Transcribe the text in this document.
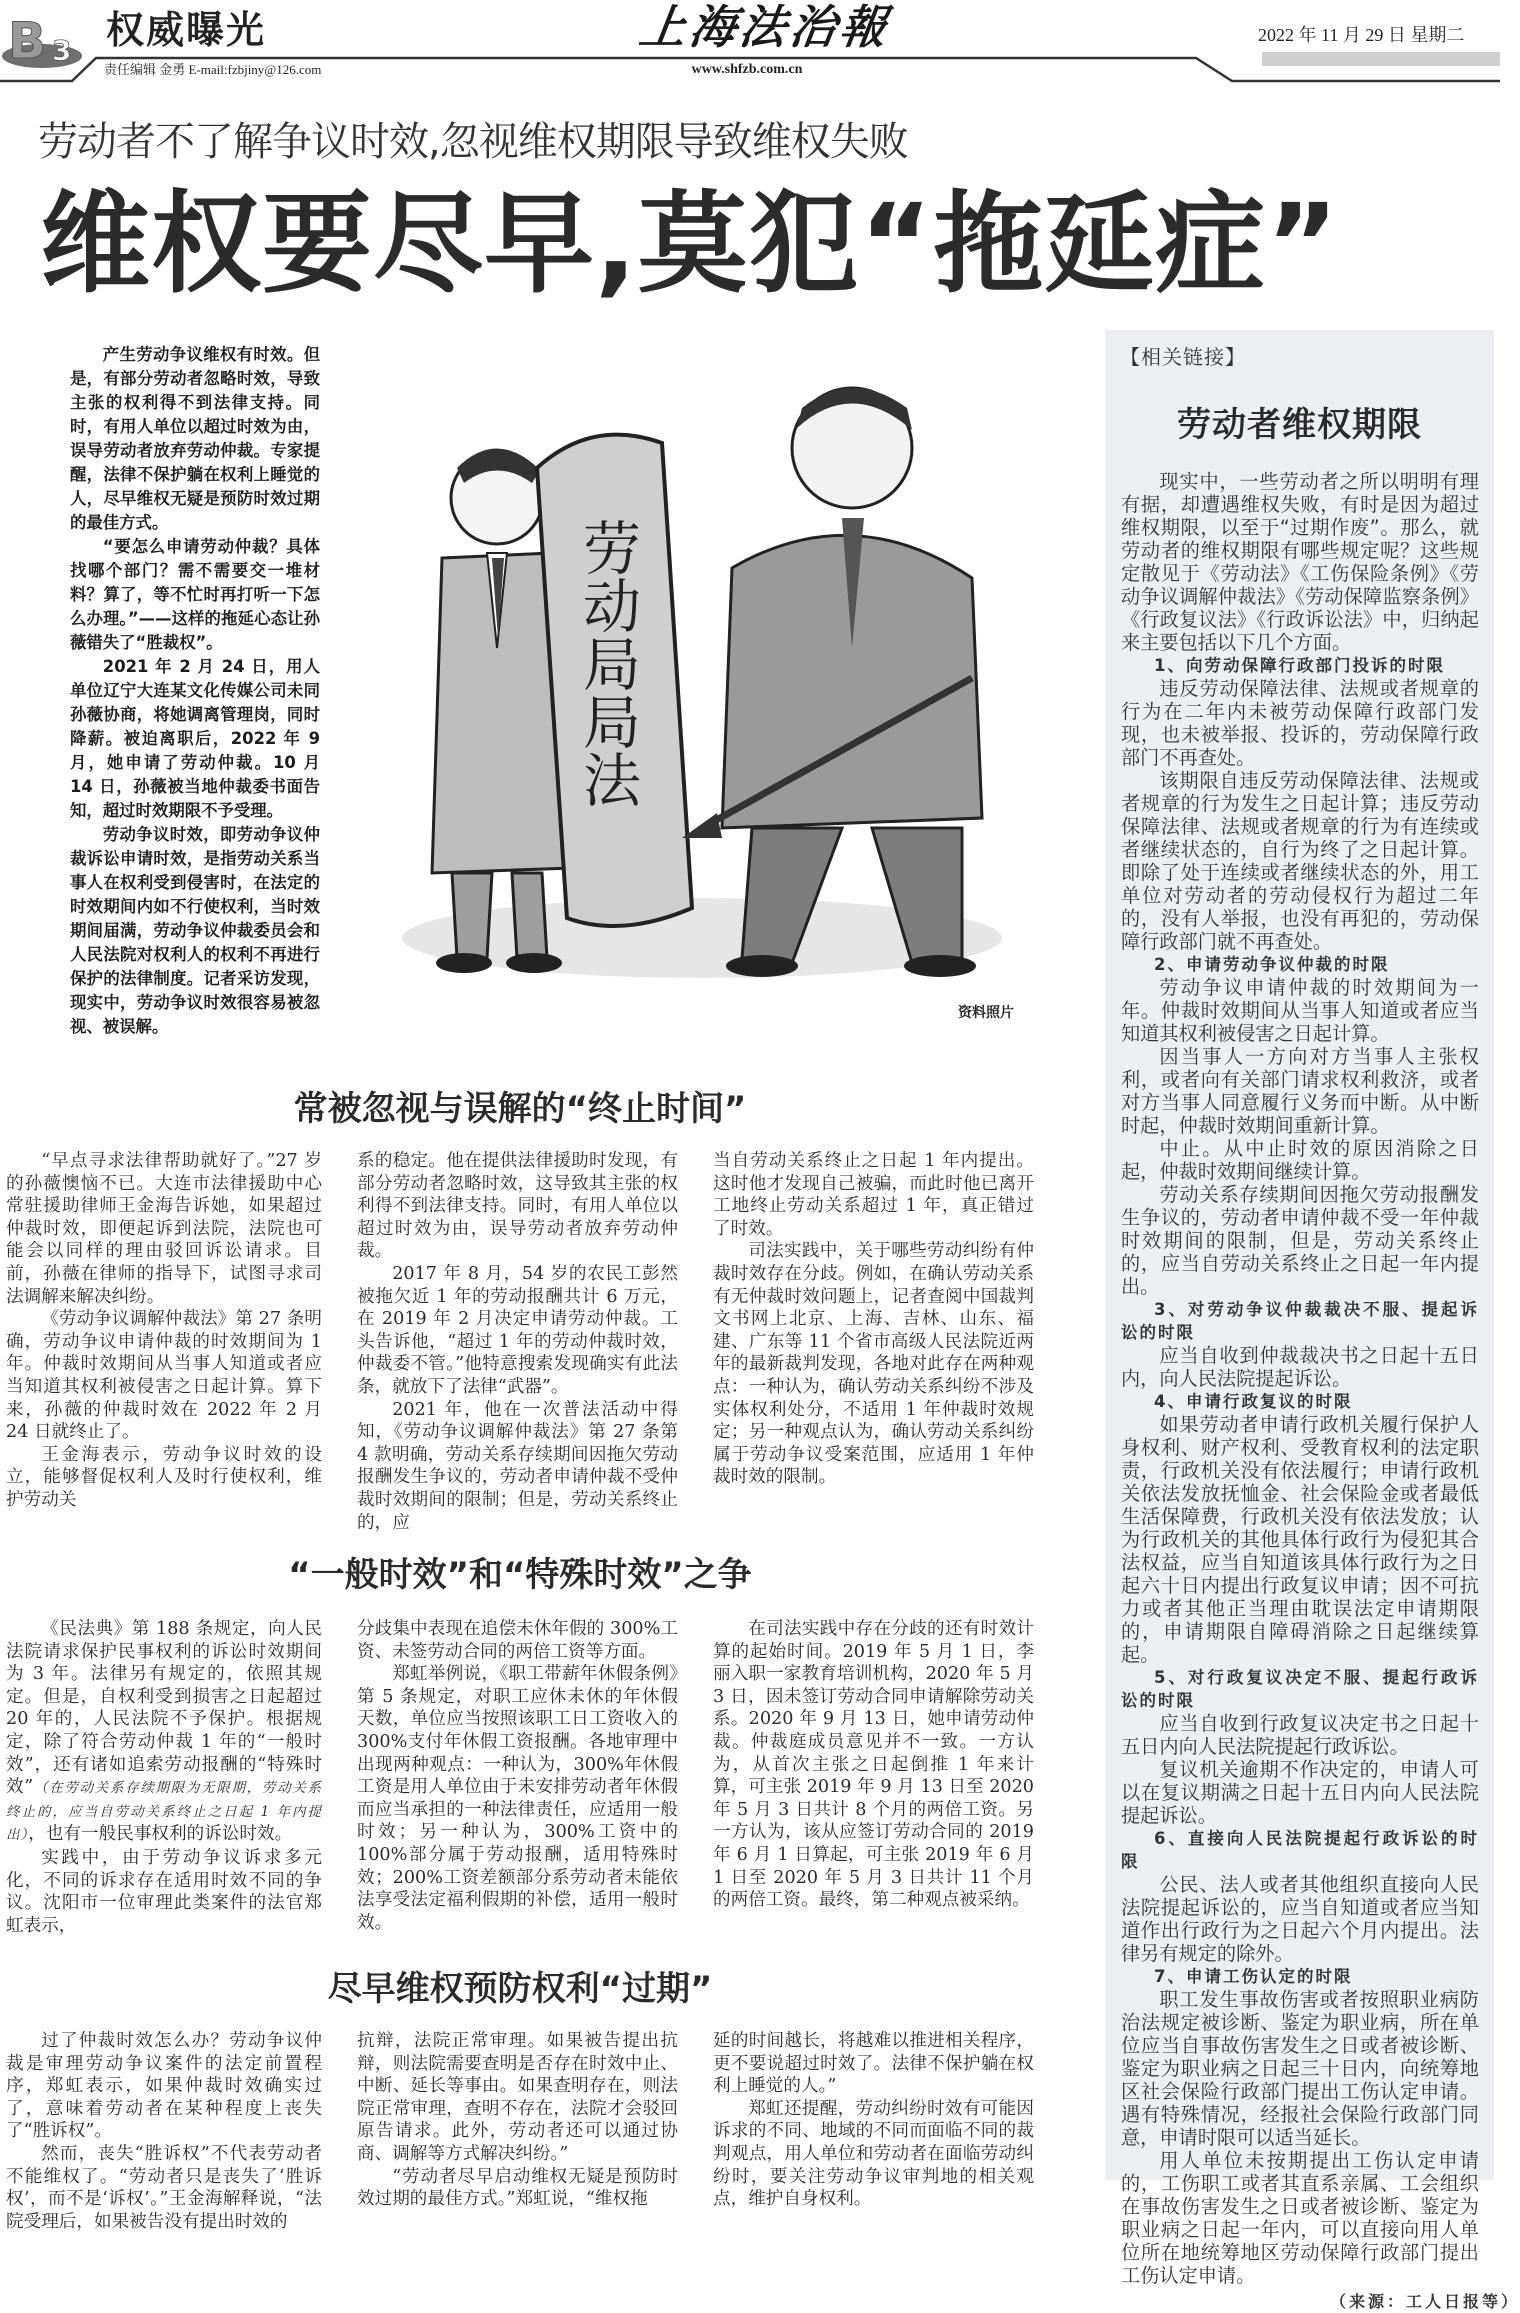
B 3 权威曝光	上海法治報	2022 年 11 月 29 日 星期二
责任编辑 金勇 E-mail:fzbjiny@126.com	www.shfzb.com.cn
劳动者不了解争议时效,忽视维权期限导致维权失败
维权要尽早,莫犯“拖延症”

产生劳动争议维权有时效。但是，有部分劳动者忽略时效，导致主张的权利得不到法律支持。同时，有用人单位以超过时效为由，误导劳动者放弃劳动仲裁。专家提醒，法律不保护躺在权利上睡觉的人，尽早维权无疑是预防时效过期的最佳方式。

“要怎么申请劳动仲裁？具体找哪个部门？需不需要交一堆材料？算了，等不忙时再打听一下怎么办理。”——这样的拖延心态让孙薇错失了“胜裁权”。

2021 年 2 月 24 日，用人单位辽宁大连某文化传媒公司未同孙薇协商，将她调离管理岗，同时降薪。被迫离职后，2022 年 9 月，她申请了劳动仲裁。10 月 14 日，孙薇被当地仲裁委书面告知，超过时效期限不予受理。

劳动争议时效，即劳动争议仲裁诉讼申请时效，是指劳动关系当事人在权利受到侵害时，在法定的时效期间内如不行使权利，当时效期间届满，劳动争议仲裁委员会和人民法院对权利人的权利不再进行保护的法律制度。记者采访发现，现实中，劳动争议时效很容易被忽视、被误解。

劳动局局法
资料照片
常被忽视与误解的“终止时间”
“一般时效”和“特殊时效”之争
尽早维权预防权利“过期”

“早点寻求法律帮助就好了。”27 岁的孙薇懊恼不已。大连市法律援助中心常驻援助律师王金海告诉她，如果超过仲裁时效，即便起诉到法院，法院也可能会以同样的理由驳回诉讼请求。目前，孙薇在律师的指导下，试图寻求司法调解来解决纠纷。

《劳动争议调解仲裁法》第 27 条明确，劳动争议申请仲裁的时效期间为 1 年。仲裁时效期间从当事人知道或者应当知道其权利被侵害之日起计算。算下来，孙薇的仲裁时效在 2022 年 2 月 24 日就终止了。

王金海表示，劳动争议时效的设立，能够督促权利人及时行使权利，维护劳动关

系的稳定。他在提供法律援助时发现，有部分劳动者忽略时效，这导致其主张的权利得不到法律支持。同时，有用人单位以超过时效为由，误导劳动者放弃劳动仲裁。

2017 年 8 月，54 岁的农民工彭然被拖欠近 1 年的劳动报酬共计 6 万元，在 2019 年 2 月决定申请劳动仲裁。工头告诉他，“超过 1 年的劳动仲裁时效，仲裁委不管。”他特意搜索发现确实有此法条，就放下了法律“武器”。

2021 年，他在一次普法活动中得知，《劳动争议调解仲裁法》第 27 条第 4 款明确，劳动关系存续期间因拖欠劳动报酬发生争议的，劳动者申请仲裁不受仲裁时效期间的限制；但是，劳动关系终止的，应

当自劳动关系终止之日起 1 年内提出。这时他才发现自己被骗，而此时他已离开工地终止劳动关系超过 1 年，真正错过了时效。

司法实践中，关于哪些劳动纠纷有仲裁时效存在分歧。例如，在确认劳动关系有无仲裁时效问题上，记者查阅中国裁判文书网上北京、上海、吉林、山东、福建、广东等 11 个省市高级人民法院近两年的最新裁判发现，各地对此存在两种观点：一种认为，确认劳动关系纠纷不涉及实体权利处分，不适用 1 年仲裁时效规定；另一种观点认为，确认劳动关系纠纷属于劳动争议受案范围，应适用 1 年仲裁时效的限制。

《民法典》第 188 条规定，向人民法院请求保护民事权利的诉讼时效期间为 3 年。法律另有规定的，依照其规定。但是，自权利受到损害之日起超过 20 年的，人民法院不予保护。根据规定，除了符合劳动仲裁 1 年的“一般时效”，还有诸如追索劳动报酬的“特殊时效”（在劳动关系存续期限为无限期，劳动关系终止的，应当自劳动关系终止之日起 1 年内提出），也有一般民事权利的诉讼时效。

实践中，由于劳动争议诉求多元化，不同的诉求存在适用时效不同的争议。沈阳市一位审理此类案件的法官郑虹表示，

分歧集中表现在追偿未休年假的 300%工资、未签劳动合同的两倍工资等方面。

郑虹举例说，《职工带薪年休假条例》第 5 条规定，对职工应休未休的年休假天数，单位应当按照该职工日工资收入的 300%支付年休假工资报酬。各地审理中出现两种观点：一种认为，300%年休假工资是用人单位由于未安排劳动者年休假而应当承担的一种法律责任，应适用一般时效；另一种认为，300%工资中的 100%部分属于劳动报酬，适用特殊时效；200%工资差额部分系劳动者未能依法享受法定福利假期的补偿，适用一般时效。

在司法实践中存在分歧的还有时效计算的起始时间。2019 年 5 月 1 日，李丽入职一家教育培训机构，2020 年 5 月 3 日，因未签订劳动合同申请解除劳动关系。2020 年 9 月 13 日，她申请劳动仲裁。仲裁庭成员意见并不一致。一方认为，从首次主张之日起倒推 1 年来计算，可主张 2019 年 9 月 13 日至 2020 年 5 月 3 日共计 8 个月的两倍工资。另一方认为，该从应签订劳动合同的 2019 年 6 月 1 日算起，可主张 2019 年 6 月 1 日至 2020 年 5 月 3 日共计 11 个月的两倍工资。最终，第二种观点被采纳。

过了仲裁时效怎么办？劳动争议仲裁是审理劳动争议案件的法定前置程序，郑虹表示，如果仲裁时效确实过了，意味着劳动者在某种程度上丧失了“胜诉权”。

然而，丧失“胜诉权”不代表劳动者不能维权了。“劳动者只是丧失了‘胜诉权’，而不是‘诉权’。”王金海解释说，“法院受理后，如果被告没有提出时效的

抗辩，法院正常审理。如果被告提出抗辩，则法院需要查明是否存在时效中止、中断、延长等事由。如果查明存在，则法院正常审理，查明不存在，法院才会驳回原告请求。此外，劳动者还可以通过协商、调解等方式解决纠纷。”

“劳动者尽早启动维权无疑是预防时效过期的最佳方式。”郑虹说，“维权拖

延的时间越长，将越难以推进相关程序，更不要说超过时效了。法律不保护躺在权利上睡觉的人。”

郑虹还提醒，劳动纠纷时效有可能因诉求的不同、地域的不同而面临不同的裁判观点，用人单位和劳动者在面临劳动纠纷时，要关注劳动争议审判地的相关观点，维护自身权利。

【相关链接】
劳动者维权期限

现实中，一些劳动者之所以明明有理有据，却遭遇维权失败，有时是因为超过维权期限，以至于“过期作废”。那么，就劳动者的维权期限有哪些规定呢？这些规定散见于《劳动法》《工伤保险条例》《劳动争议调解仲裁法》《劳动保障监察条例》《行政复议法》《行政诉讼法》中，归纳起来主要包括以下几个方面。

1、向劳动保障行政部门投诉的时限

违反劳动保障法律、法规或者规章的行为在二年内未被劳动保障行政部门发现，也未被举报、投诉的，劳动保障行政部门不再查处。

该期限自违反劳动保障法律、法规或者规章的行为发生之日起计算；违反劳动保障法律、法规或者规章的行为有连续或者继续状态的，自行为终了之日起计算。即除了处于连续或者继续状态的外，用工单位对劳动者的劳动侵权行为超过二年的，没有人举报，也没有再犯的，劳动保障行政部门就不再查处。

2、申请劳动争议仲裁的时限

劳动争议申请仲裁的时效期间为一年。仲裁时效期间从当事人知道或者应当知道其权利被侵害之日起计算。

因当事人一方向对方当事人主张权利，或者向有关部门请求权利救济，或者对方当事人同意履行义务而中断。从中断时起，仲裁时效期间重新计算。

中止。从中止时效的原因消除之日起，仲裁时效期间继续计算。

劳动关系存续期间因拖欠劳动报酬发生争议的，劳动者申请仲裁不受一年仲裁时效期间的限制，但是，劳动关系终止的，应当自劳动关系终止之日起一年内提出。

3、对劳动争议仲裁裁决不服、提起诉讼的时限

应当自收到仲裁裁决书之日起十五日内，向人民法院提起诉讼。

4、申请行政复议的时限

如果劳动者申请行政机关履行保护人身权利、财产权利、受教育权利的法定职责，行政机关没有依法履行；申请行政机关依法发放抚恤金、社会保险金或者最低生活保障费，行政机关没有依法发放；认为行政机关的其他具体行政行为侵犯其合法权益，应当自知道该具体行政行为之日起六十日内提出行政复议申请；因不可抗力或者其他正当理由耽误法定申请期限的，申请期限自障碍消除之日起继续算起。

5、对行政复议决定不服、提起行政诉讼的时限

应当自收到行政复议决定书之日起十五日内向人民法院提起行政诉讼。

复议机关逾期不作决定的，申请人可以在复议期满之日起十五日内向人民法院提起诉讼。

6、直接向人民法院提起行政诉讼的时限

公民、法人或者其他组织直接向人民法院提起诉讼的，应当自知道或者应当知道作出行政行为之日起六个月内提出。法律另有规定的除外。

7、申请工伤认定的时限

职工发生事故伤害或者按照职业病防治法规定被诊断、鉴定为职业病，所在单位应当自事故伤害发生之日或者被诊断、鉴定为职业病之日起三十日内，向统筹地区社会保险行政部门提出工伤认定申请。遇有特殊情况，经报社会保险行政部门同意，申请时限可以适当延长。

用人单位未按期提出工伤认定申请的，工伤职工或者其直系亲属、工会组织在事故伤害发生之日或者被诊断、鉴定为职业病之日起一年内，可以直接向用人单位所在地统筹地区劳动保障行政部门提出工伤认定申请。

（来源：工人日报等）
